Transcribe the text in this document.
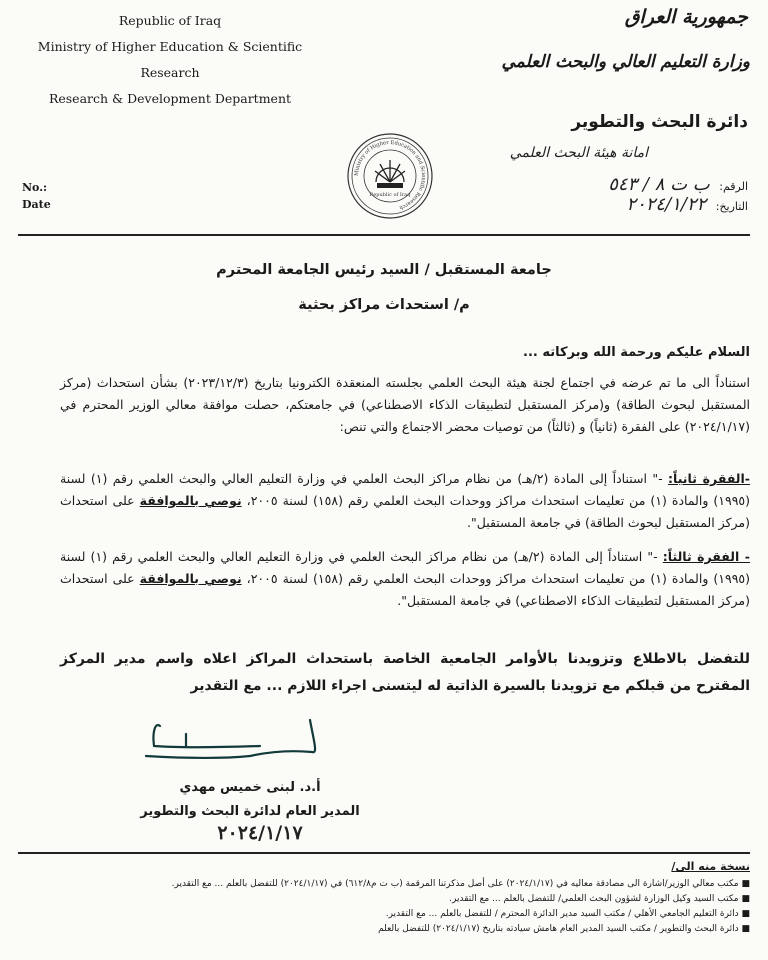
Republic of Iraq
Ministry of Higher Education & Scientific
Research
Research & Development Department
No.:
Date
Ministry of Higher Education and Scientific Research
Republic of Iraq
جمهورية العراق
وزارة التعليم العالي والبحث العلمي
دائرة البحث والتطوير
امانة هيئة البحث العلمي
الرقم: ب ت ٨ / ٥٤٣
التاريخ: ٢٠٢٤/١/٢٢
جامعة المستقبل / السيد رئيس الجامعة المحترم
م/ استحداث مراكز بحثية
السلام عليكم ورحمة الله وبركاته ...
استناداً الى ما تم عرضه في اجتماع لجنة هيئة البحث العلمي بجلسته المنعقدة الكترونيا بتاريخ (٢٠٢٣/١٢/٣) بشأن استحداث (مركز المستقبل لبحوث الطاقة) و(مركز المستقبل لتطبيقات الذكاء الاصطناعي) في جامعتكم، حصلت موافقة معالي الوزير المحترم في (٢٠٢٤/١/١٧) على الفقرة (ثانياً) و (ثالثاً) من توصيات محضر الاجتماع والتي تنص:
-الفقرة ثانياً: -" استناداً إلى المادة (٢/هـ) من نظام مراكز البحث العلمي في وزارة التعليم العالي والبحث العلمي رقم (١) لسنة (١٩٩٥) والمادة (١) من تعليمات استحداث مراكز ووحدات البحث العلمي رقم (١٥٨) لسنة ٢٠٠٥، نوصي بالموافقة على استحداث (مركز المستقبل لبحوث الطاقة) في جامعة المستقبل".
- الفقرة ثالثاً: -" استناداً إلى المادة (٢/هـ) من نظام مراكز البحث العلمي في وزارة التعليم العالي والبحث العلمي رقم (١) لسنة (١٩٩٥) والمادة (١) من تعليمات استحداث مراكز ووحدات البحث العلمي رقم (١٥٨) لسنة ٢٠٠٥، نوصي بالموافقة على استحداث (مركز المستقبل لتطبيقات الذكاء الاصطناعي) في جامعة المستقبل".
للتفضل بالاطلاع وتزويدنا بالأوامر الجامعية الخاصة باستحداث المراكز اعلاه واسم مدير المركز المقترح من قبلكم مع تزويدنا بالسيرة الذاتية له ليتسنى اجراء اللازم ... مع التقدير
أ.د. لبنى خميس مهدي
المدير العام لدائرة البحث والتطوير
٢٠٢٤/١/١٧
نسخة منه الى/
■ مكتب معالي الوزير/اشارة الى مصادقة معاليه في (٢٠٢٤/١/١٧) على أصل مذكرتنا المرقمة (ب ت م٦١٢/٨) في (٢٠٢٤/١/١٧) للتفضل بالعلم ... مع التقدير.
■ مكتب السيد وكيل الوزارة لشؤون البحث العلمي/ للتفضل بالعلم ... مع التقدير.
■ دائرة التعليم الجامعي الأهلي / مكتب السيد مدير الدائرة المحترم / للتفضل بالعلم ... مع التقدير.
■ دائرة البحث والتطوير / مكتب السيد المدير العام هامش سيادته بتاريخ (٢٠٢٤/١/١٧) للتفضل بالعلم
